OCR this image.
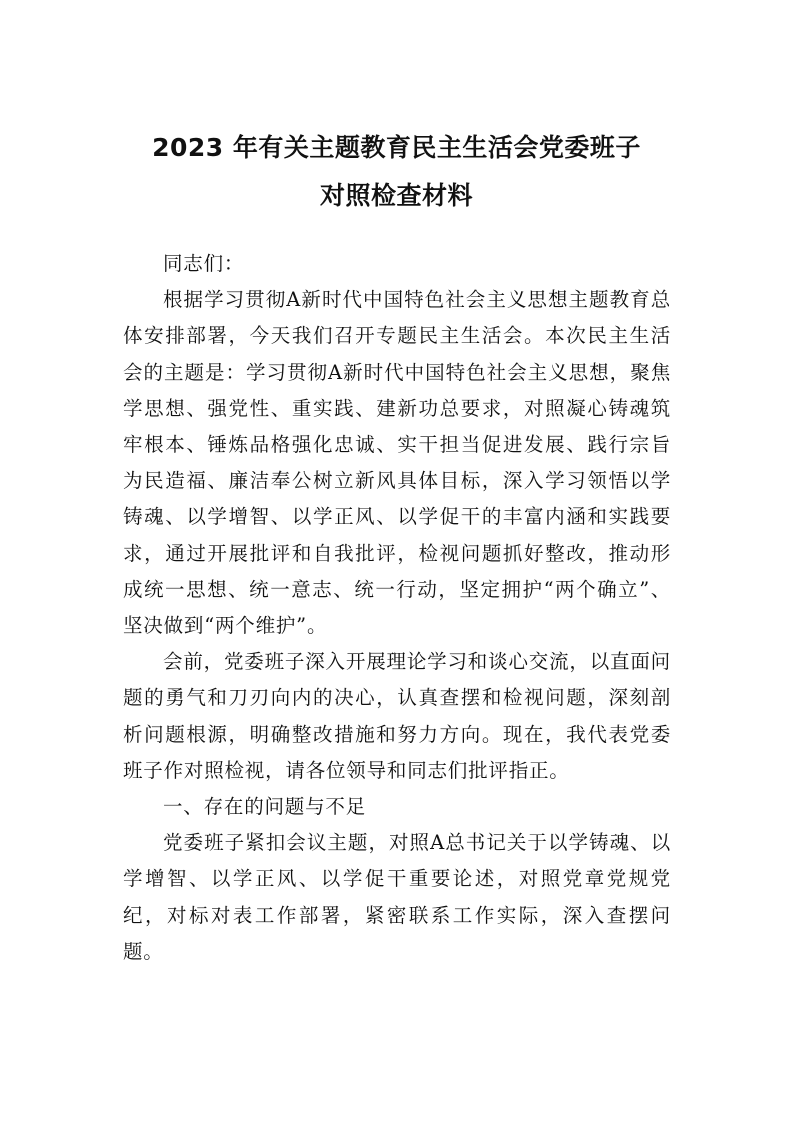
2023 年有关主题教育民主生活会党委班子
对照检查材料

同志们：

根据学习贯彻A新时代中国特色社会主义思想主题教育总体安排部署，今天我们召开专题民主生活会。本次民主生活会的主题是：学习贯彻A新时代中国特色社会主义思想，聚焦学思想、强党性、重实践、建新功总要求，对照凝心铸魂筑牢根本、锤炼品格强化忠诚、实干担当促进发展、践行宗旨为民造福、廉洁奉公树立新风具体目标，深入学习领悟以学铸魂、以学增智、以学正风、以学促干的丰富内涵和实践要求，通过开展批评和自我批评，检视问题抓好整改，推动形成统一思想、统一意志、统一行动，坚定拥护“两个确立”、坚决做到“两个维护”。

会前，党委班子深入开展理论学习和谈心交流，以直面问题的勇气和刀刃向内的决心，认真查摆和检视问题，深刻剖析问题根源，明确整改措施和努力方向。现在，我代表党委班子作对照检视，请各位领导和同志们批评指正。

一、存在的问题与不足

党委班子紧扣会议主题，对照A总书记关于以学铸魂、以学增智、以学正风、以学促干重要论述，对照党章党规党纪，对标对表工作部署，紧密联系工作实际，深入查摆问题。
